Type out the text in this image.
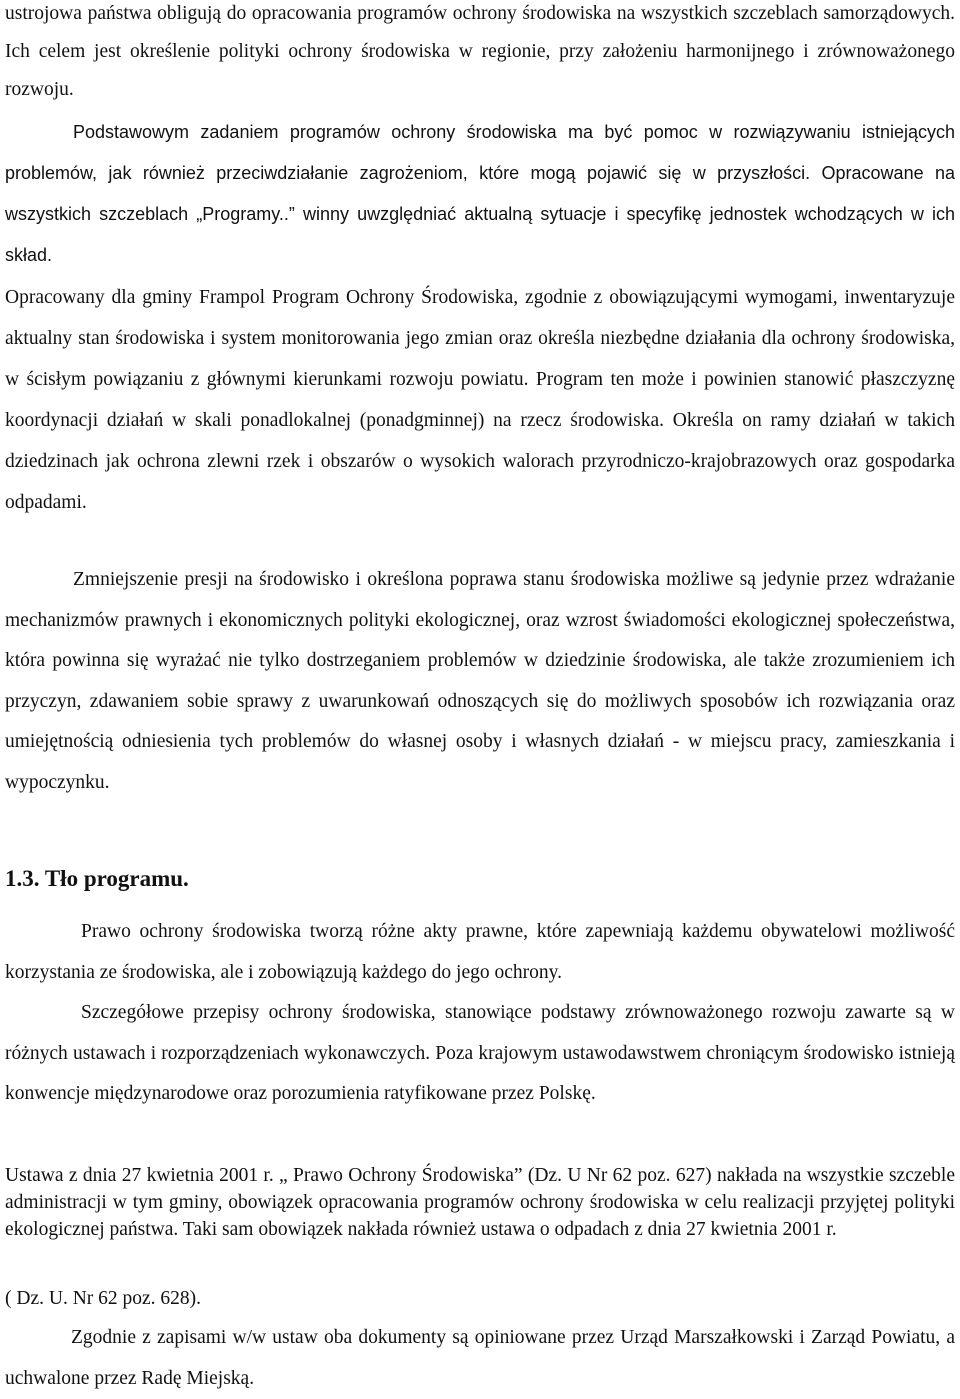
ustrojowa państwa obligują do opracowania programów ochrony środowiska na wszystkich szczeblach samorządowych. Ich celem jest określenie polityki ochrony środowiska w regionie, przy założeniu harmonijnego i zrównoważonego rozwoju.

Podstawowym zadaniem programów ochrony środowiska ma być pomoc w rozwiązywaniu istniejących problemów, jak również przeciwdziałanie zagrożeniom, które mogą pojawić się w przyszłości. Opracowane na wszystkich szczeblach „Programy..” winny uwzględniać aktualną sytuacje i specyfikę jednostek wchodzących w ich skład.

Opracowany dla gminy Frampol Program Ochrony Środowiska, zgodnie z obowiązującymi wymogami, inwentaryzuje aktualny stan środowiska i system monitorowania jego zmian oraz określa niezbędne działania dla ochrony środowiska, w ścisłym powiązaniu z głównymi kierunkami rozwoju powiatu. Program ten może i powinien stanowić płaszczyznę koordynacji działań w skali ponadlokalnej (ponadgminnej) na rzecz środowiska. Określa on ramy działań w takich dziedzinach jak ochrona zlewni rzek i obszarów o wysokich walorach przyrodniczo-krajobrazowych oraz gospodarka odpadami.

Zmniejszenie presji na środowisko i określona poprawa stanu środowiska możliwe są jedynie przez wdrażanie mechanizmów prawnych i ekonomicznych polityki ekologicznej, oraz wzrost świadomości ekologicznej społeczeństwa, która powinna się wyrażać nie tylko dostrzeganiem problemów w dziedzinie środowiska, ale także zrozumieniem ich przyczyn, zdawaniem sobie sprawy z uwarunkowań odnoszących się do możliwych sposobów ich rozwiązania oraz umiejętnością odniesienia tych problemów do własnej osoby i własnych działań - w miejscu pracy, zamieszkania i wypoczynku.

1.3. Tło programu.

Prawo ochrony środowiska tworzą różne akty prawne, które zapewniają każdemu obywatelowi możliwość korzystania ze środowiska, ale i zobowiązują każdego do jego ochrony.

Szczegółowe przepisy ochrony środowiska, stanowiące podstawy zrównoważonego rozwoju zawarte są w różnych ustawach i rozporządzeniach wykonawczych. Poza krajowym ustawodawstwem chroniącym środowisko istnieją konwencje międzynarodowe oraz porozumienia ratyfikowane przez Polskę.

Ustawa z dnia 27 kwietnia 2001 r. „ Prawo Ochrony Środowiska” (Dz. U Nr 62 poz. 627) nakłada na wszystkie szczeble administracji w tym gminy, obowiązek opracowania programów ochrony środowiska w celu realizacji przyjętej polityki ekologicznej państwa. Taki sam obowiązek nakłada również ustawa o odpadach z dnia 27 kwietnia 2001 r.

( Dz. U. Nr 62 poz. 628).

Zgodnie z zapisami w/w ustaw oba dokumenty są opiniowane przez Urząd Marszałkowski i Zarząd Powiatu, a uchwalone przez Radę Miejską.
